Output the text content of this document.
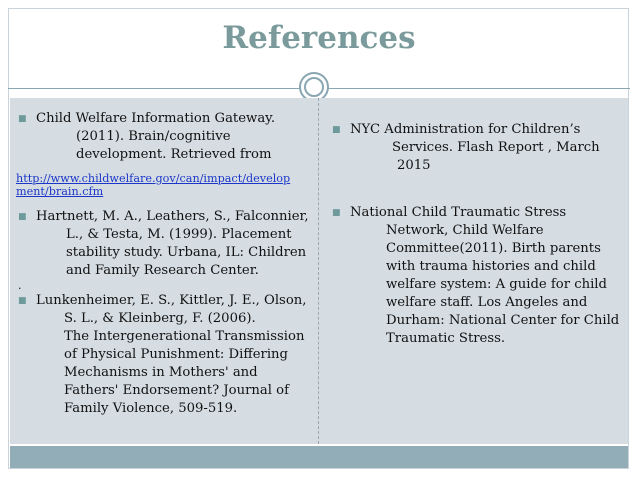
References
■ Child Welfare Information Gateway.
(2011). Brain/cognitive
development. Retrieved from
http://www.childwelfare.gov/can/impact/develop
ment/brain.cfm
■ Hartnett, M. A., Leathers, S., Falconnier,
L., & Testa, M. (1999). Placement
stability study. Urbana, IL: Children
and Family Research Center.
.
■ Lunkenheimer, E. S., Kittler, J. E., Olson,
S. L., & Kleinberg, F. (2006).
The Intergenerational Transmission
of Physical Punishment: Differing
Mechanisms in Mothers' and
Fathers' Endorsement? Journal of
Family Violence, 509-519.
■ NYC Administration for Children’s
Services. Flash Report , March
2015
■ National Child Traumatic Stress
Network, Child Welfare
Committee(2011). Birth parents
with trauma histories and child
welfare system: A guide for child
welfare staff. Los Angeles and
Durham: National Center for Child
Traumatic Stress.
